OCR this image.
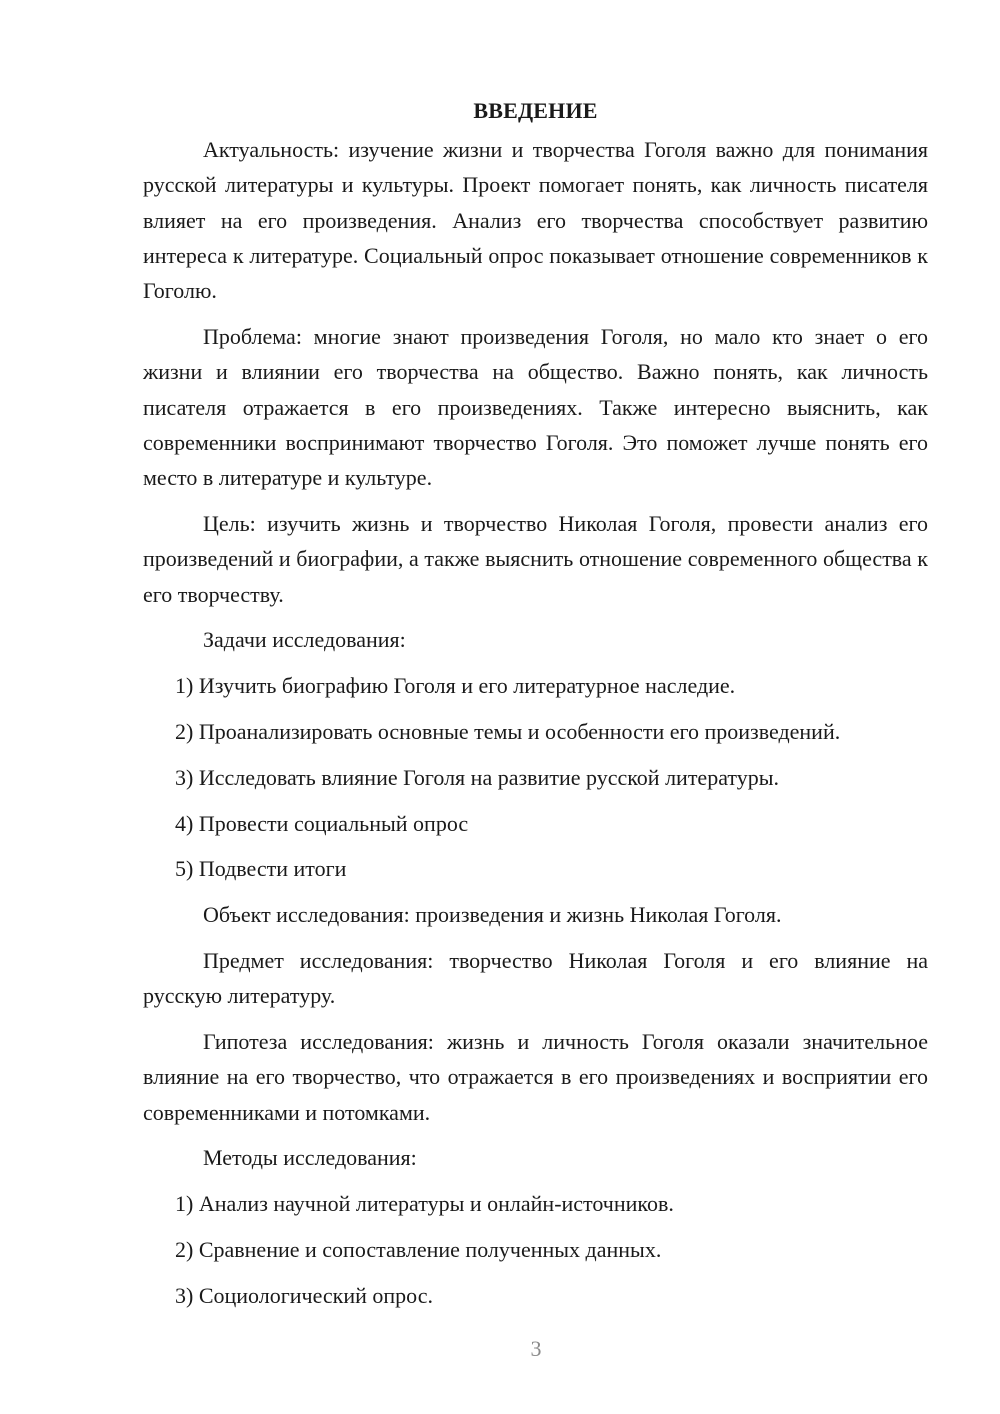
ВВЕДЕНИЕ

Актуальность: изучение жизни и творчества Гоголя важно для понимания русской литературы и культуры. Проект помогает понять, как личность писателя влияет на его произведения. Анализ его творчества способствует развитию интереса к литературе. Социальный опрос показывает отношение современников к Гоголю.

Проблема: многие знают произведения Гоголя, но мало кто знает о его жизни и влиянии его творчества на общество. Важно понять, как личность писателя отражается в его произведениях. Также интересно выяснить, как современники воспринимают творчество Гоголя. Это поможет лучше понять его место в литературе и культуре.

Цель: изучить жизнь и творчество Николая Гоголя, провести анализ его произведений и биографии, а также выяснить отношение современного общества к его творчеству.

Задачи исследования:

1) Изучить биографию Гоголя и его литературное наследие.
2) Проанализировать основные темы и особенности его произведений.
3) Исследовать влияние Гоголя на развитие русской литературы.
4) Провести социальный опрос
5) Подвести итоги

Объект исследования: произведения и жизнь Николая Гоголя.

Предмет исследования: творчество Николая Гоголя и его влияние на русскую литературу.

Гипотеза исследования: жизнь и личность Гоголя оказали значительное влияние на его творчество, что отражается в его произведениях и восприятии его современниками и потомками.

Методы исследования:

1) Анализ научной литературы и онлайн-источников.
2) Сравнение и сопоставление полученных данных.
3) Социологический опрос.
3
